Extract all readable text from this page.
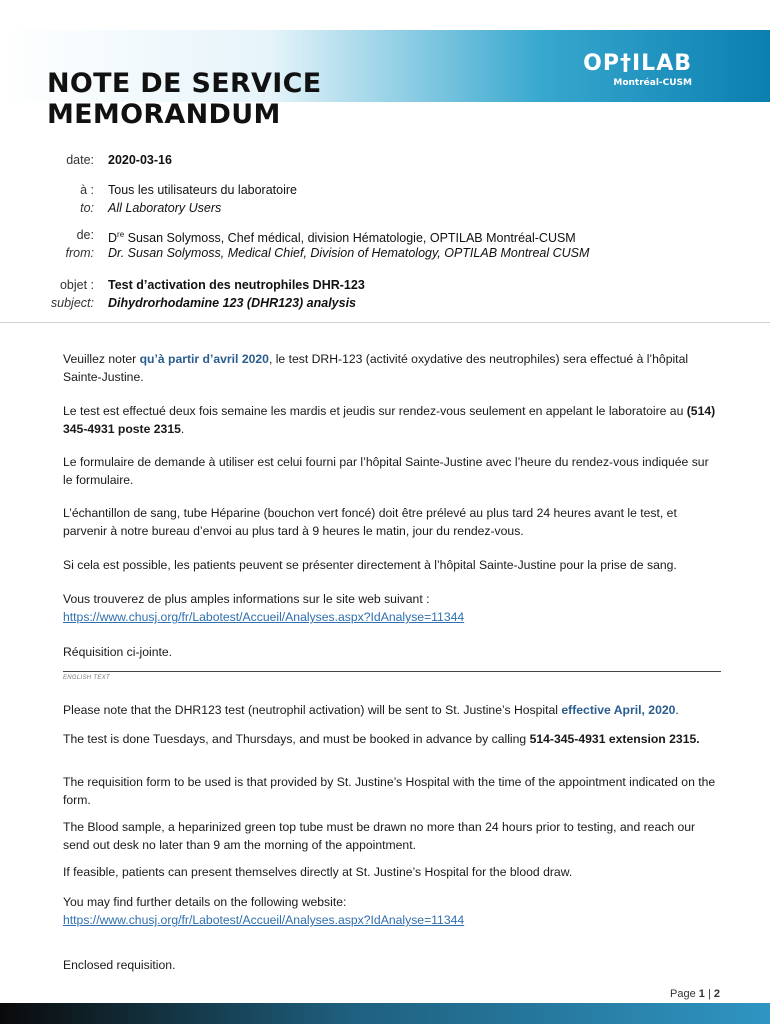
OP†ILAB
Montréal-CUSM
NOTE DE SERVICE
MEMORANDUM
date: 2020-03-16
à : Tous les utilisateurs du laboratoire
to: All Laboratory Users
de: Dre Susan Solymoss, Chef médical, division Hématologie, OPTILAB Montréal-CUSM
from: Dr. Susan Solymoss, Medical Chief, Division of Hematology, OPTILAB Montreal CUSM
objet : Test d’activation des neutrophiles DHR-123
subject: Dihydrorhodamine 123 (DHR123) analysis

Veuillez noter qu’à partir d’avril 2020, le test DRH-123 (activité oxydative des neutrophiles) sera effectué à l’hôpital Sainte-Justine.

Le test est effectué deux fois semaine les mardis et jeudis sur rendez-vous seulement en appelant le laboratoire au (514) 345-4931 poste 2315.

Le formulaire de demande à utiliser est celui fourni par l’hôpital Sainte-Justine avec l’heure du rendez-vous indiquée sur le formulaire.

L’échantillon de sang, tube Héparine (bouchon vert foncé) doit être prélevé au plus tard 24 heures avant le test, et parvenir à notre bureau d’envoi au plus tard à 9 heures le matin, jour du rendez-vous.

Si cela est possible, les patients peuvent se présenter directement à l’hôpital Sainte-Justine pour la prise de sang.

Vous trouverez de plus amples informations sur le site web suivant :

https://www.chusj.org/fr/Labotest/Accueil/Analyses.aspx?IdAnalyse=11344

Réquisition ci-jointe.

ENGLISH TEXT

Please note that the DHR123 test (neutrophil activation) will be sent to St. Justine’s Hospital effective April, 2020.

The test is done Tuesdays, and Thursdays, and must be booked in advance by calling 514-345-4931 extension 2315.

The requisition form to be used is that provided by St. Justine’s Hospital with the time of the appointment indicated on the form.

The Blood sample, a heparinized green top tube must be drawn no more than 24 hours prior to testing, and reach our send out desk no later than 9 am the morning of the appointment.

If feasible, patients can present themselves directly at St. Justine’s Hospital for the blood draw.

You may find further details on the following website:

https://www.chusj.org/fr/Labotest/Accueil/Analyses.aspx?IdAnalyse=11344

Enclosed requisition.

Page 1 | 2
